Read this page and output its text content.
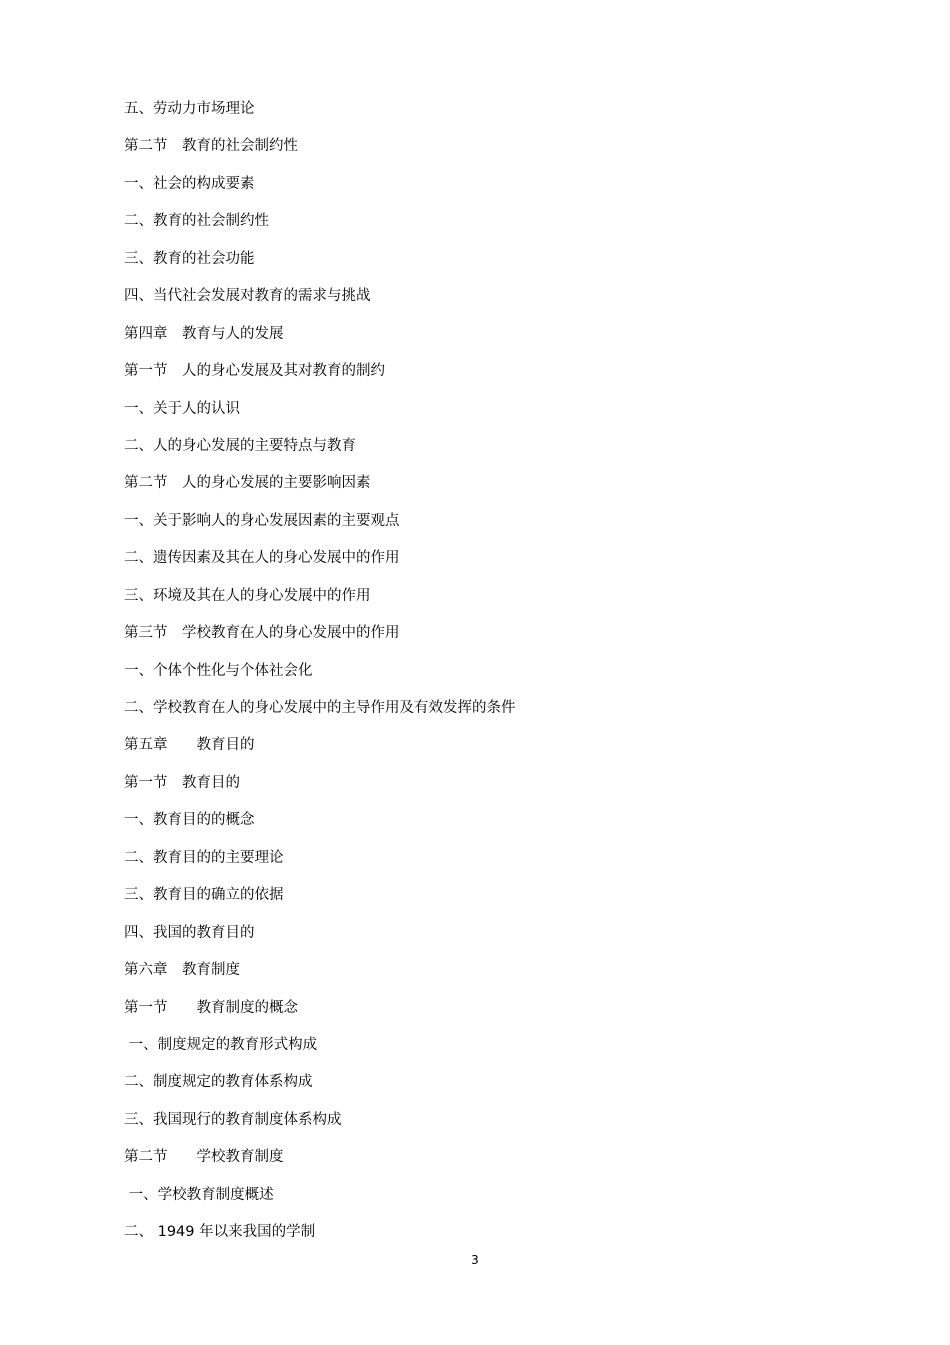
五、劳动力市场理论
第二节　教育的社会制约性
一、社会的构成要素
二、教育的社会制约性
三、教育的社会功能
四、当代社会发展对教育的需求与挑战
第四章　教育与人的发展
第一节　人的身心发展及其对教育的制约
一、关于人的认识
二、人的身心发展的主要特点与教育
第二节　人的身心发展的主要影响因素
一、关于影响人的身心发展因素的主要观点
二、遗传因素及其在人的身心发展中的作用
三、环境及其在人的身心发展中的作用
第三节　学校教育在人的身心发展中的作用
一、个体个性化与个体社会化
二、学校教育在人的身心发展中的主导作用及有效发挥的条件
第五章　　教育目的
第一节　教育目的
一、教育目的的概念
二、教育目的的主要理论
三、教育目的确立的依据
四、我国的教育目的
第六章　教育制度
第一节　　教育制度的概念
一、制度规定的教育形式构成
二、制度规定的教育体系构成
三、我国现行的教育制度体系构成
第二节　　学校教育制度
一、学校教育制度概述
二、 1949 年以来我国的学制
3
